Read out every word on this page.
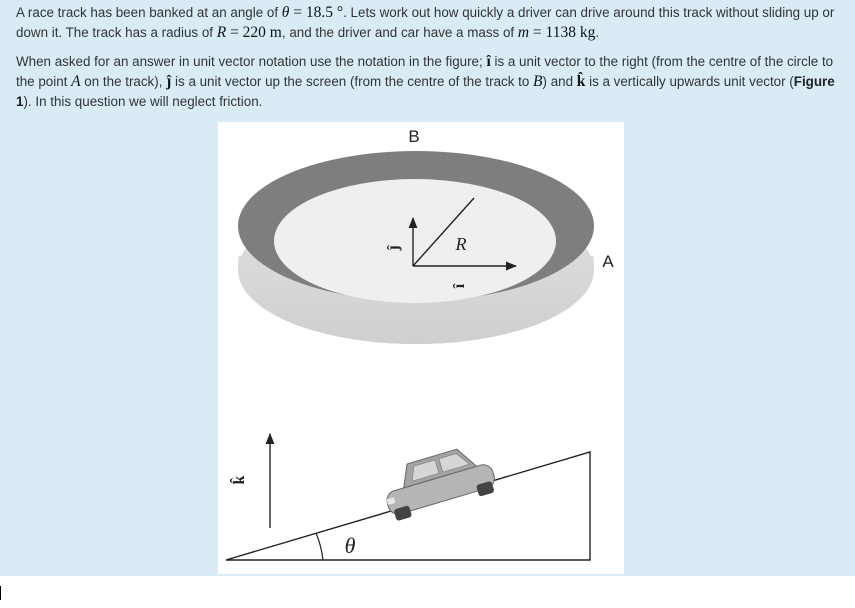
A race track has been banked at an angle of θ = 18.5 °. Lets work out how quickly a driver can drive around this track without sliding up or down it. The track has a radius of R = 220 m, and the driver and car have a mass of m = 1138 kg.

When asked for an answer in unit vector notation use the notation in the figure; î is a unit vector to the right (from the centre of the circle to the point A on the track), ĵ is a unit vector up the screen (from the centre of the track to B) and k̂ is a vertically upwards unit vector (Figure 1). In this question we will neglect friction.

B
A
R
ĵ
î
θ
k̂
